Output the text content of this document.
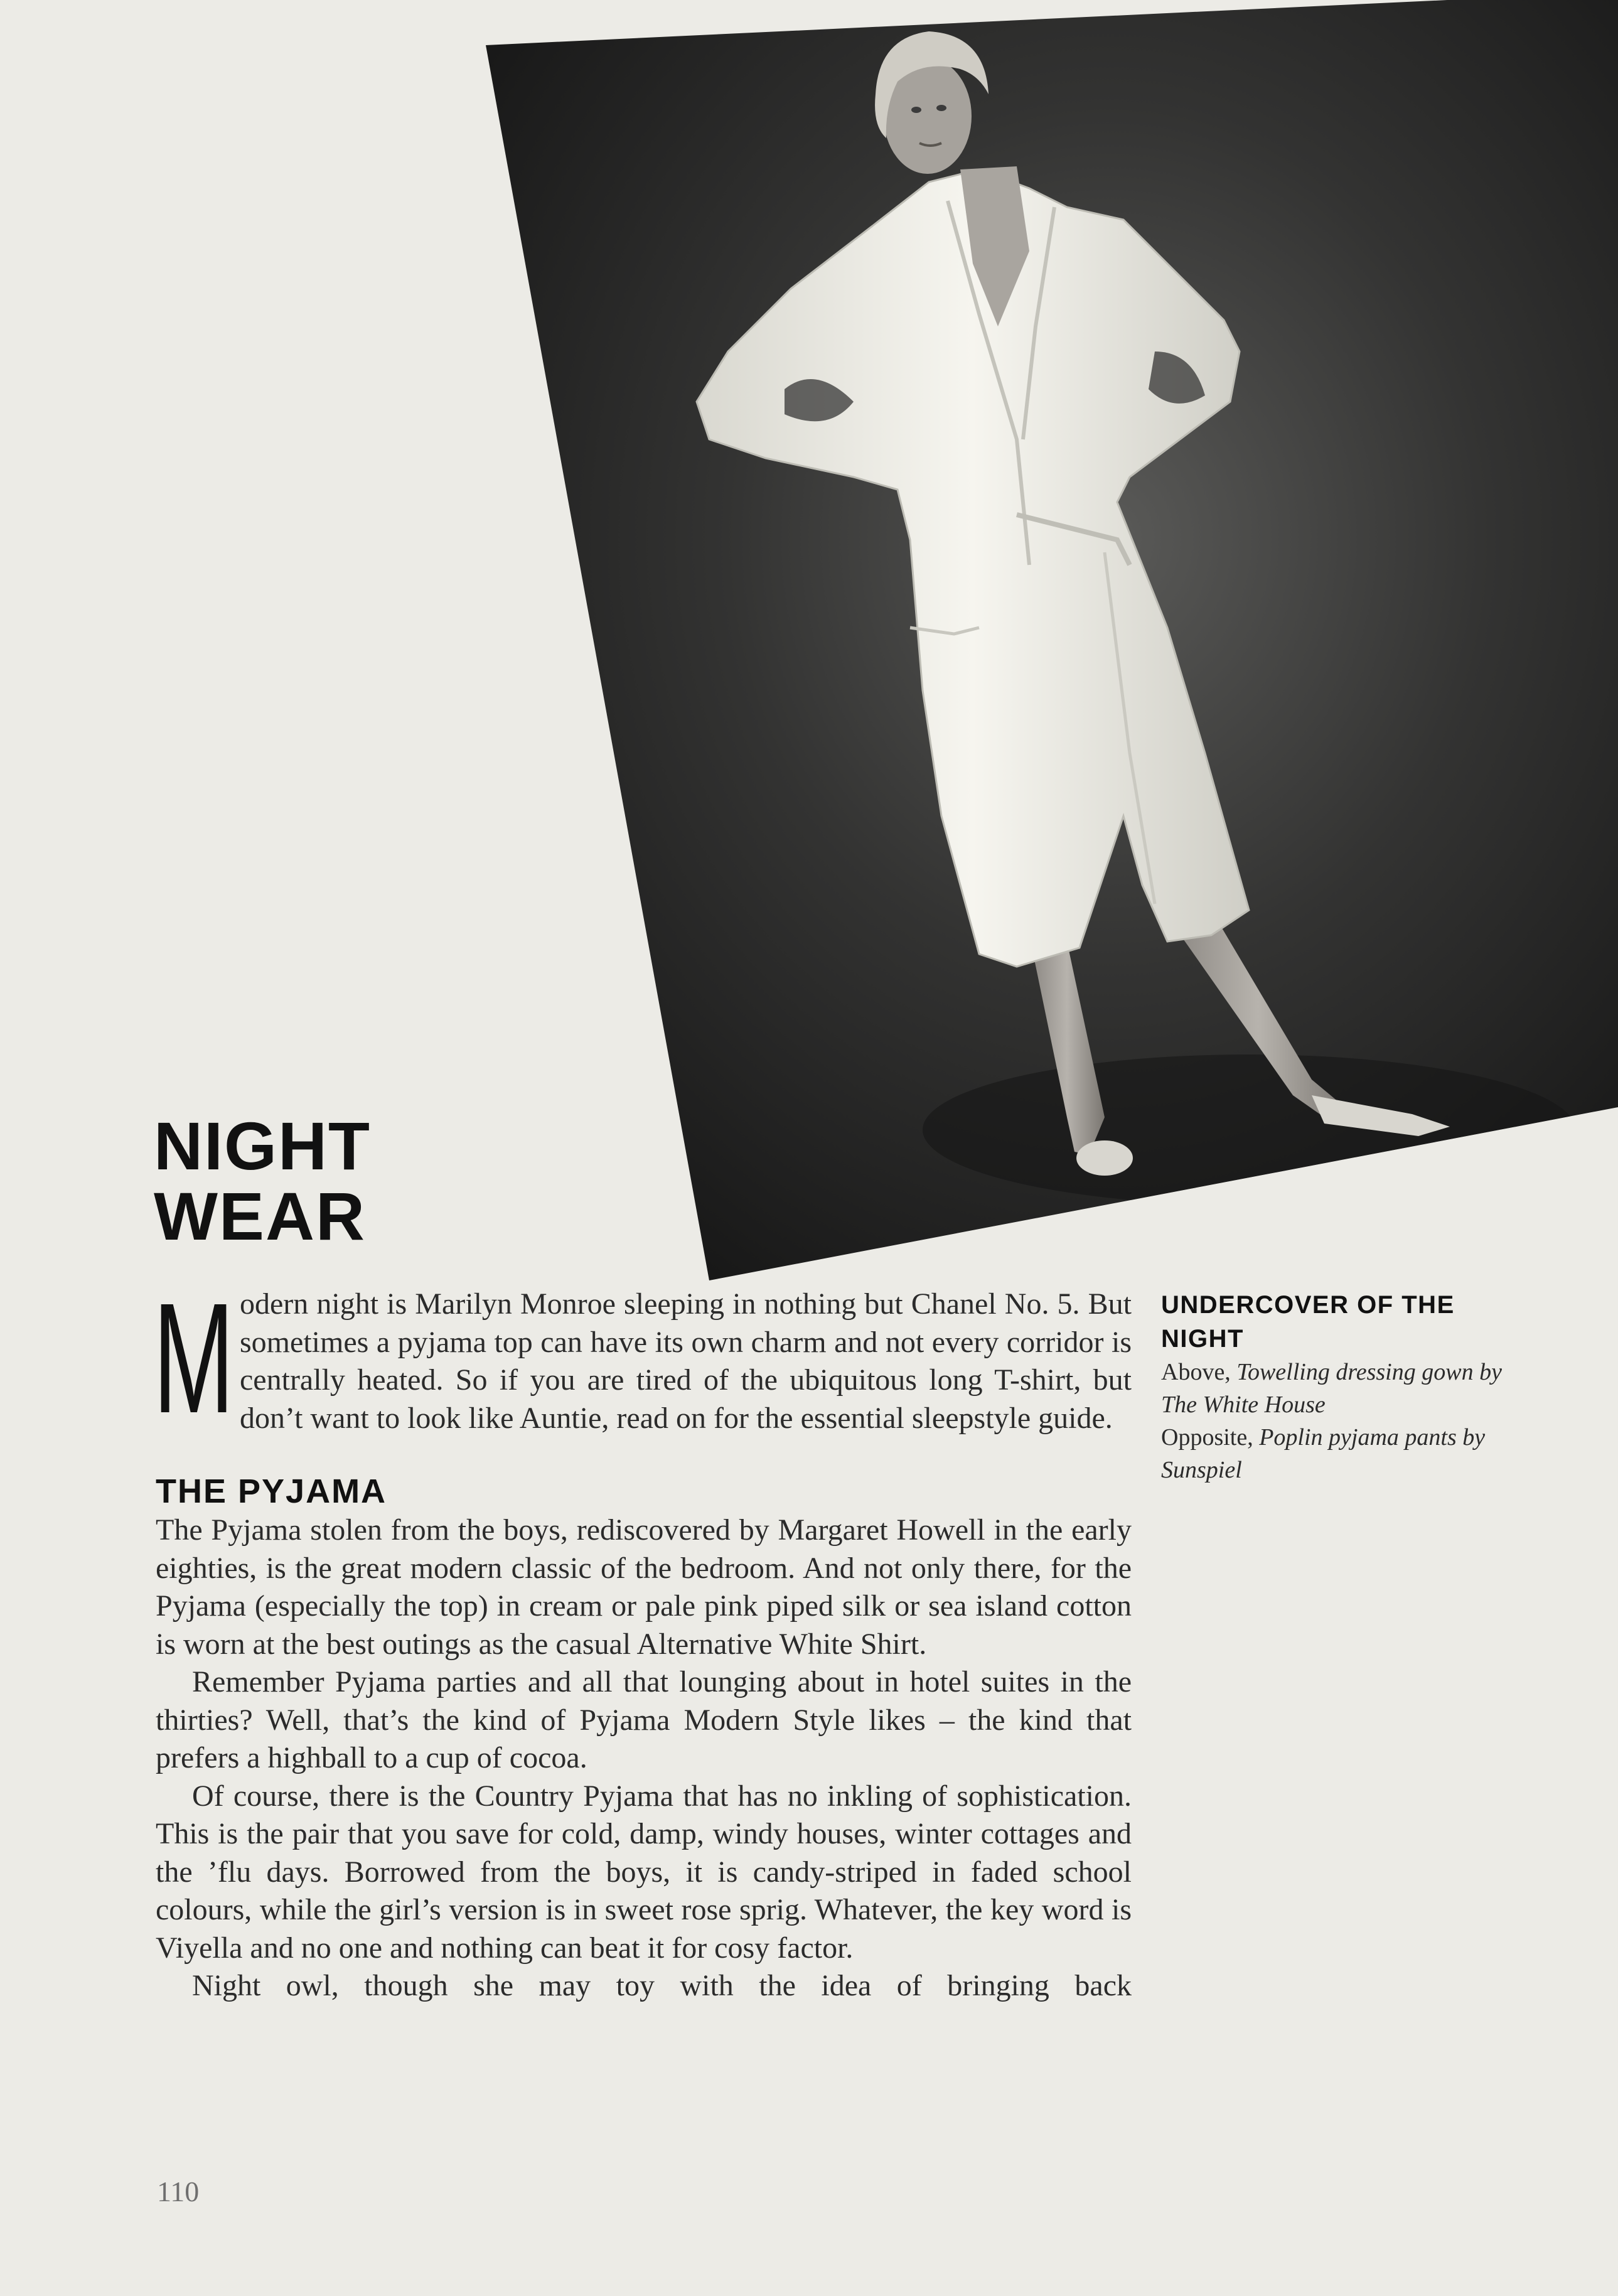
NIGHT
WEAR

Modern night is Marilyn Monroe sleeping in nothing but Chanel No. 5. But sometimes a pyjama top can have its own charm and not every corridor is centrally heated. So if you are tired of the ubiquitous long T-shirt, but don’t want to look like Auntie, read on for the essential sleepstyle guide.

THE PYJAMA

The Pyjama stolen from the boys, rediscovered by Margaret Howell in the early eighties, is the great modern classic of the bedroom. And not only there, for the Pyjama (especially the top) in cream or pale pink piped silk or sea island cotton is worn at the best outings as the casual Alternative White Shirt.

Remember Pyjama parties and all that lounging about in hotel suites in the thirties? Well, that’s the kind of Pyjama Modern Style likes – the kind that prefers a highball to a cup of cocoa.

Of course, there is the Country Pyjama that has no inkling of sophistication. This is the pair that you save for cold, damp, windy houses, winter cottages and the ’flu days. Borrowed from the boys, it is candy-striped in faded school colours, while the girl’s version is in sweet rose sprig. Whatever, the key word is Viyella and no one and nothing can beat it for cosy factor.

Night owl, though she may toy with the idea of bringing back

UNDERCOVER OF THE
NIGHT

Above, Towelling dressing gown by
The White House

Opposite, Poplin pyjama pants by
Sunspiel

110
